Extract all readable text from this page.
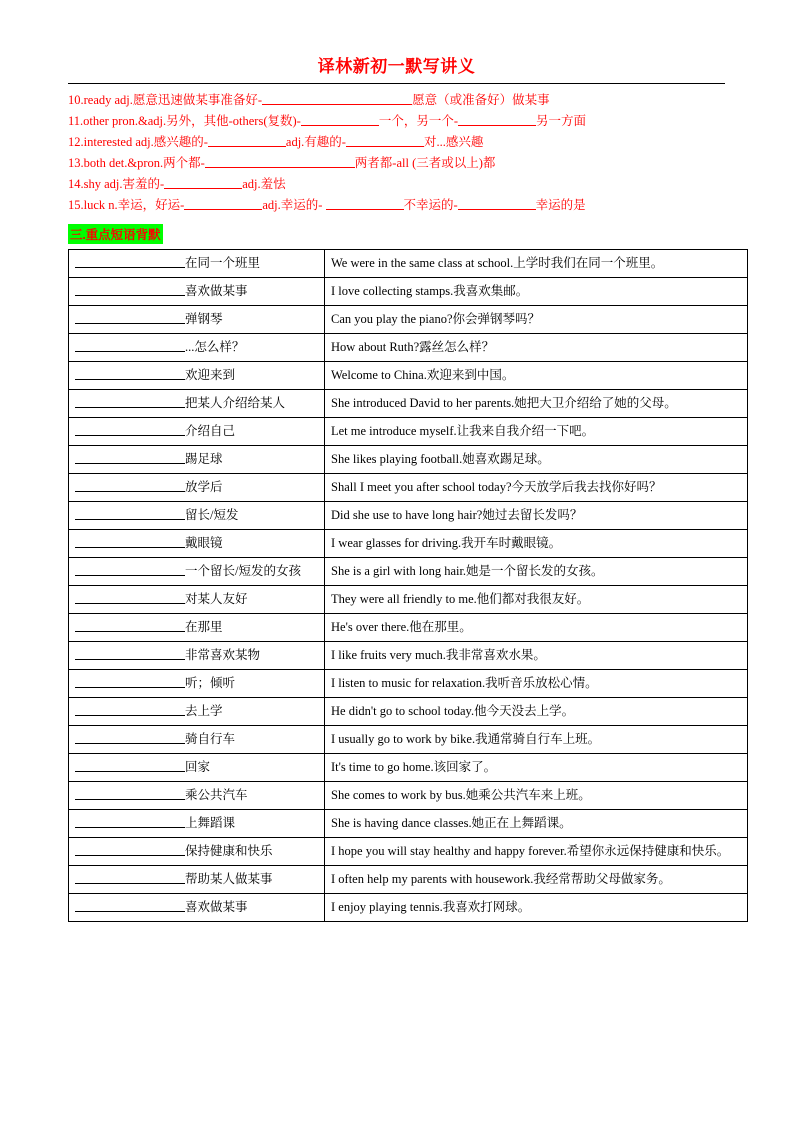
译林新初一默写讲义
10.ready adj.愿意迅速做某事准备好-	愿意（或准备好）做某事
11.other pron.&adj.另外，其他-others(复数)-	一个，另一个-	另一方面
12.interested adj.感兴趣的-	adj.有趣的-	对...感兴趣
13.both det.&pron.两个都-	两者都-all (三者或以上)都
14.shy adj.害羞的-	adj.羞怯
15.luck n.幸运，好运-	adj.幸运的-	不幸运的-	幸运的是
三.重点短语背默
在同一个班里	We were in the same class at school.上学时我们在同一个班里。
喜欢做某事	I love collecting stamps.我喜欢集邮。
弹钢琴	Can you play the piano?你会弹钢琴吗？
...怎么样？	How about Ruth?露丝怎么样？
欢迎来到	Welcome to China.欢迎来到中国。
把某人介绍给某人	She introduced David to her parents.她把大卫介绍给了她的父母。
介绍自己	Let me introduce myself.让我来自我介绍一下吧。
踢足球	She likes playing football.她喜欢踢足球。
放学后	Shall I meet you after school today?今天放学后我去找你好吗？
留长/短发	Did she use to have long hair?她过去留长发吗？
戴眼镜	I wear glasses for driving.我开车时戴眼镜。
一个留长/短发的女孩	She is a girl with long hair.她是一个留长发的女孩。
对某人友好	They were all friendly to me.他们都对我很友好。
在那里	He's over there.他在那里。
非常喜欢某物	I like fruits very much.我非常喜欢水果。
听；倾听	I listen to music for relaxation.我听音乐放松心情。
去上学	He didn't go to school today.他今天没去上学。
骑自行车	I usually go to work by bike.我通常骑自行车上班。
回家	It's time to go home.该回家了。
乘公共汽车	She comes to work by bus.她乘公共汽车来上班。
上舞蹈课	She is having dance classes.她正在上舞蹈课。
保持健康和快乐	I hope you will stay healthy and happy forever.希望你永远保持健康和快乐。
帮助某人做某事	I often help my parents with housework.我经常帮助父母做家务。
喜欢做某事	I enjoy playing tennis.我喜欢打网球。
